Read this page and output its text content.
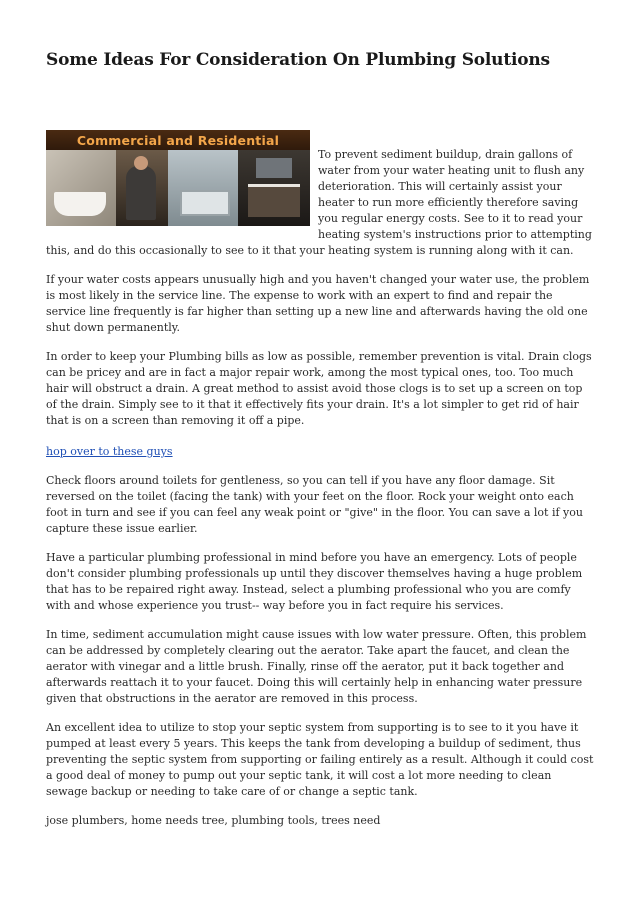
Some Ideas For Consideration On Plumbing Solutions
Commercial and Residential

To prevent sediment buildup, drain gallons of water from your water heating unit to flush any deterioration. This will certainly assist your heater to run more efficiently therefore saving you regular energy costs. See to it to read your heating system's instructions prior to attempting this, and do this occasionally to see to it that your heating system is running along with it can.

If your water costs appears unusually high and you haven't changed your water use, the problem is most likely in the service line. The expense to work with an expert to find and repair the service line frequently is far higher than setting up a new line and afterwards having the old one shut down permanently.

In order to keep your Plumbing bills as low as possible, remember prevention is vital. Drain clogs can be pricey and are in fact a major repair work, among the most typical ones, too. Too much hair will obstruct a drain. A great method to assist avoid those clogs is to set up a screen on top of the drain. Simply see to it that it effectively fits your drain. It's a lot simpler to get rid of hair that is on a screen than removing it off a pipe.

hop over to these guys

Check floors around toilets for gentleness, so you can tell if you have any floor damage. Sit reversed on the toilet (facing the tank) with your feet on the floor. Rock your weight onto each foot in turn and see if you can feel any weak point or "give" in the floor. You can save a lot if you capture these issue earlier.

Have a particular plumbing professional in mind before you have an emergency. Lots of people don't consider plumbing professionals up until they discover themselves having a huge problem that has to be repaired right away. Instead, select a plumbing professional who you are comfy with and whose experience you trust-- way before you in fact require his services.

In time, sediment accumulation might cause issues with low water pressure. Often, this problem can be addressed by completely clearing out the aerator. Take apart the faucet, and clean the aerator with vinegar and a little brush. Finally, rinse off the aerator, put it back together and afterwards reattach it to your faucet. Doing this will certainly help in enhancing water pressure given that obstructions in the aerator are removed in this process.

An excellent idea to utilize to stop your septic system from supporting is to see to it you have it pumped at least every 5 years. This keeps the tank from developing a buildup of sediment, thus preventing the septic system from supporting or failing entirely as a result. Although it could cost a good deal of money to pump out your septic tank, it will cost a lot more needing to clean sewage backup or needing to take care of or change a septic tank.

jose plumbers, home needs tree, plumbing tools, trees need
